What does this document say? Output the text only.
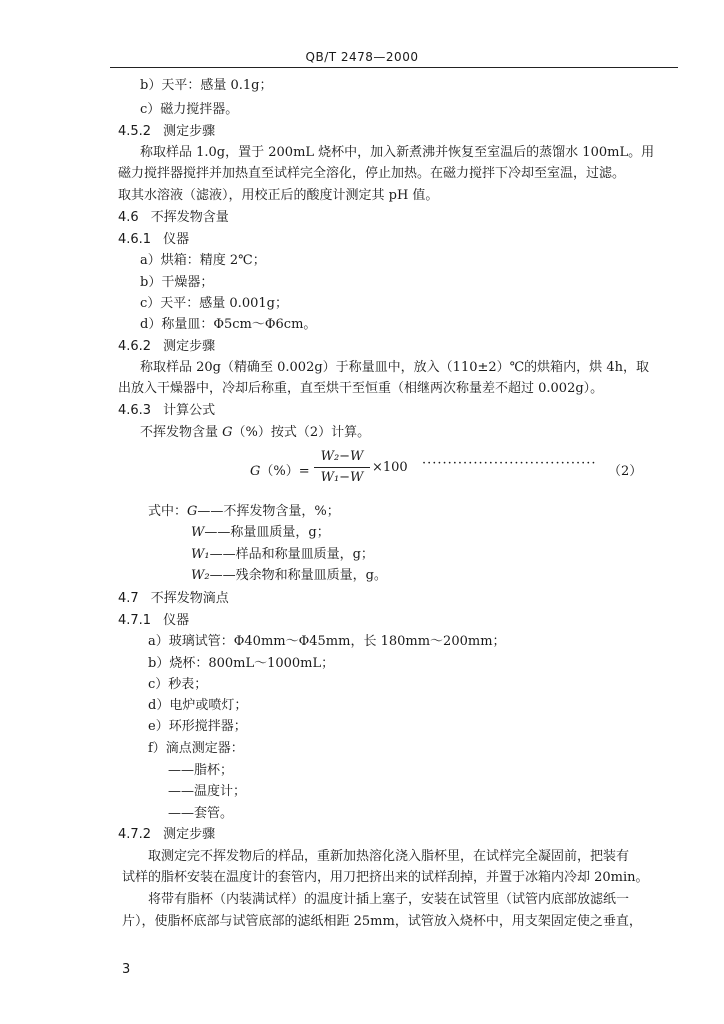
QB/T 2478—2000
b）天平：感量 0.1g；
c）磁力搅拌器。
4.5.2 测定步骤
称取样品 1.0g，置于 200mL 烧杯中，加入新煮沸并恢复至室温后的蒸馏水 100mL。用
磁力搅拌器搅拌并加热直至试样完全溶化，停止加热。在磁力搅拌下冷却至室温，过滤。
取其水溶液（滤液），用校正后的酸度计测定其 pH 值。
4.6 不挥发物含量
4.6.1 仪器
a）烘箱：精度 2℃；
b）干燥器；
c）天平：感量 0.001g；
d）称量皿：Φ5cm～Φ6cm。
4.6.2 测定步骤
称取样品 20g（精确至 0.002g）于称量皿中，放入（110±2）℃的烘箱内，烘 4h，取
出放入干燥器中，冷却后称重，直至烘干至恒重（相继两次称量差不超过 0.002g）。
4.6.3 计算公式
不挥发物含量 G（%）按式（2）计算。
G（%）=
W₂−W
W₁−W
×100 ··································
（2）
式中：G——不挥发物含量，%；
W——称量皿质量，g；
W₁——样品和称量皿质量，g；
W₂——残余物和称量皿质量，g。
4.7 不挥发物滴点
4.7.1 仪器
a）玻璃试管：Φ40mm～Φ45mm，长 180mm～200mm；
b）烧杯：800mL～1000mL；
c）秒表；
d）电炉或喷灯；
e）环形搅拌器；
f）滴点测定器：
——脂杯；
——温度计；
——套管。
4.7.2 测定步骤
取测定完不挥发物后的样品，重新加热溶化浇入脂杯里，在试样完全凝固前，把装有
试样的脂杯安装在温度计的套管内，用刀把挤出来的试样刮掉，并置于冰箱内冷却 20min。
将带有脂杯（内装满试样）的温度计插上塞子，安装在试管里（试管内底部放滤纸一
片），使脂杯底部与试管底部的滤纸相距 25mm，试管放入烧杯中，用支架固定使之垂直，
3
